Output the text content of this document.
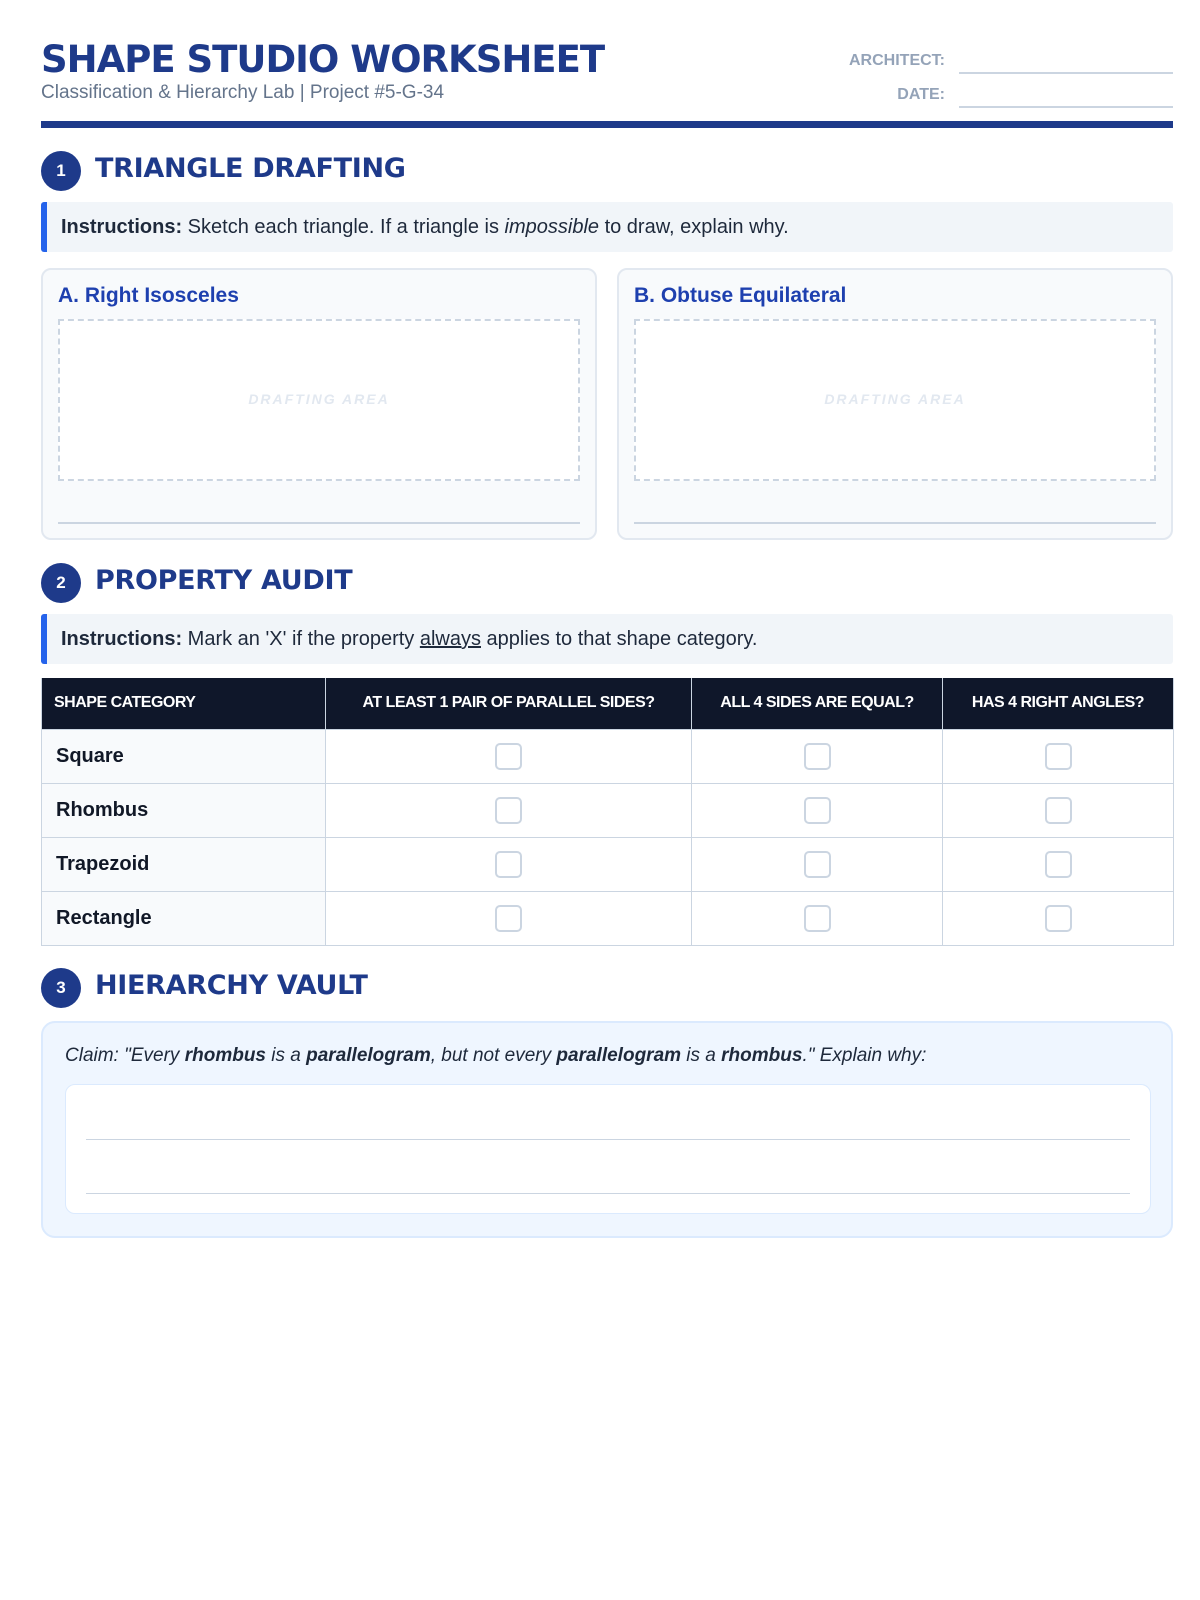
SHAPE STUDIO WORKSHEET
Classification & Hierarchy Lab | Project #5-G-34
ARCHITECT:
DATE:
1	TRIANGLE DRAFTING
Instructions: Sketch each triangle. If a triangle is impossible to draw, explain why.
A. Right Isosceles
DRAFTING AREA
B. Obtuse Equilateral
DRAFTING AREA
2	PROPERTY AUDIT
Instructions: Mark an 'X' if the property always applies to that shape category.
SHAPE CATEGORY	AT LEAST 1 PAIR OF PARALLEL SIDES?	ALL 4 SIDES ARE EQUAL?	HAS 4 RIGHT ANGLES?
Square			
Rhombus			
Trapezoid			
Rectangle			
3	HIERARCHY VAULT
Claim: "Every rhombus is a parallelogram, but not every parallelogram is a rhombus." Explain why:
